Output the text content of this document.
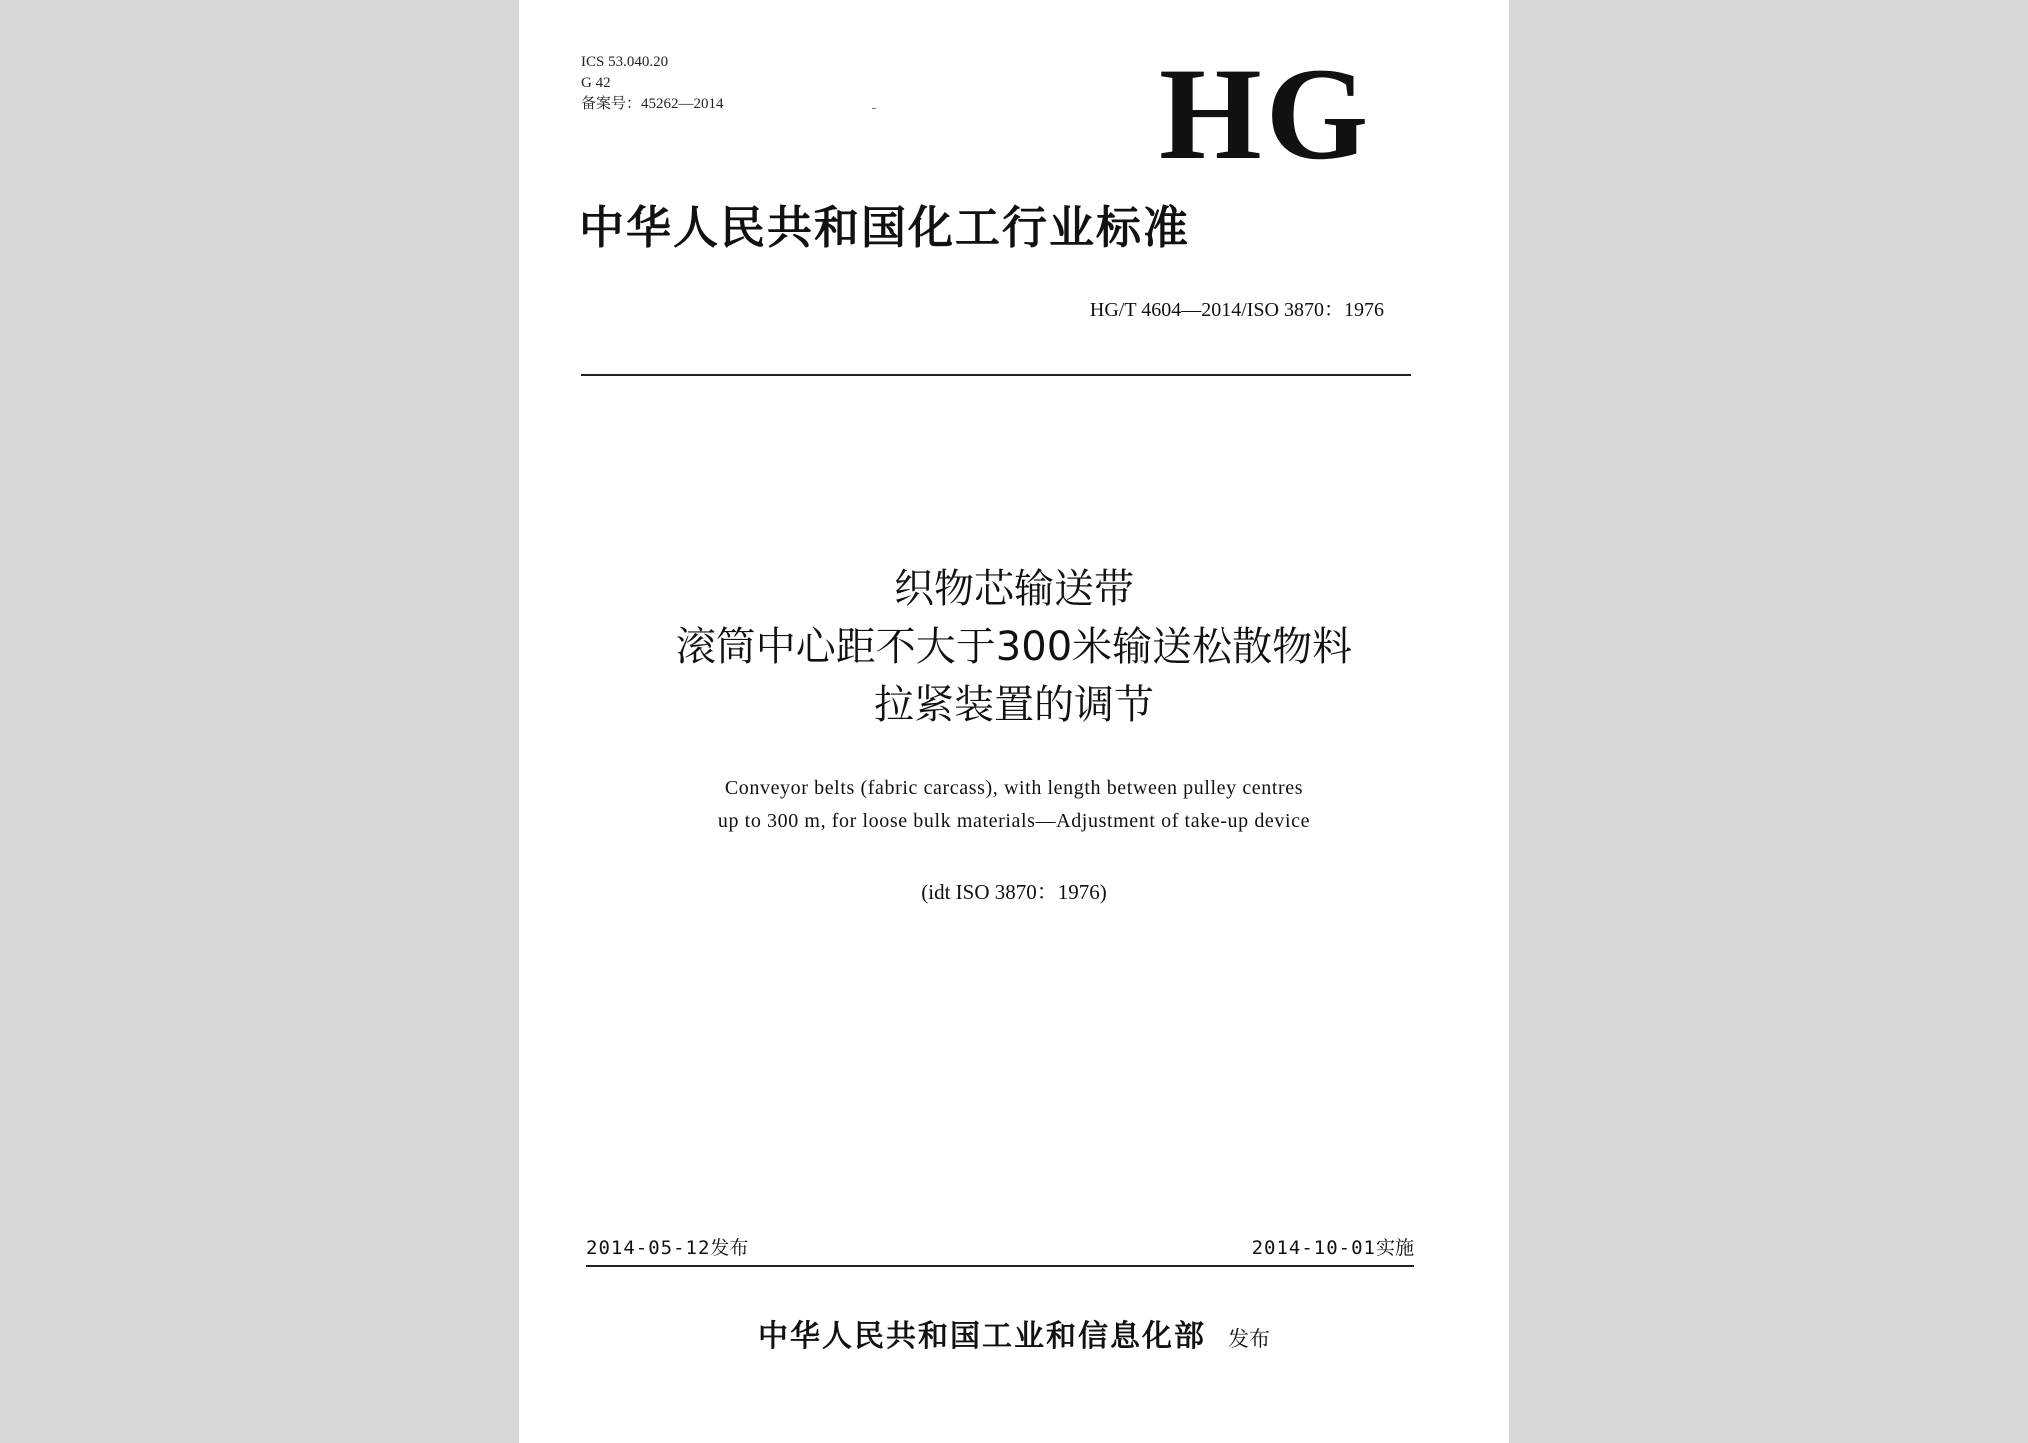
ICS 53.040.20
G 42
备案号：45262—2014	HG
中华人民共和国化工行业标准
HG/T 4604—2014/ISO 3870：1976
织物芯输送带
滚筒中心距不大于300米输送松散物料
拉紧装置的调节
Conveyor belts (fabric carcass), with length between pulley centres
up to 300 m, for loose bulk materials—Adjustment of take-up device
(idt ISO 3870：1976)
2014-05-12发布	2014-10-01实施
中华人民共和国工业和信息化部 发布
